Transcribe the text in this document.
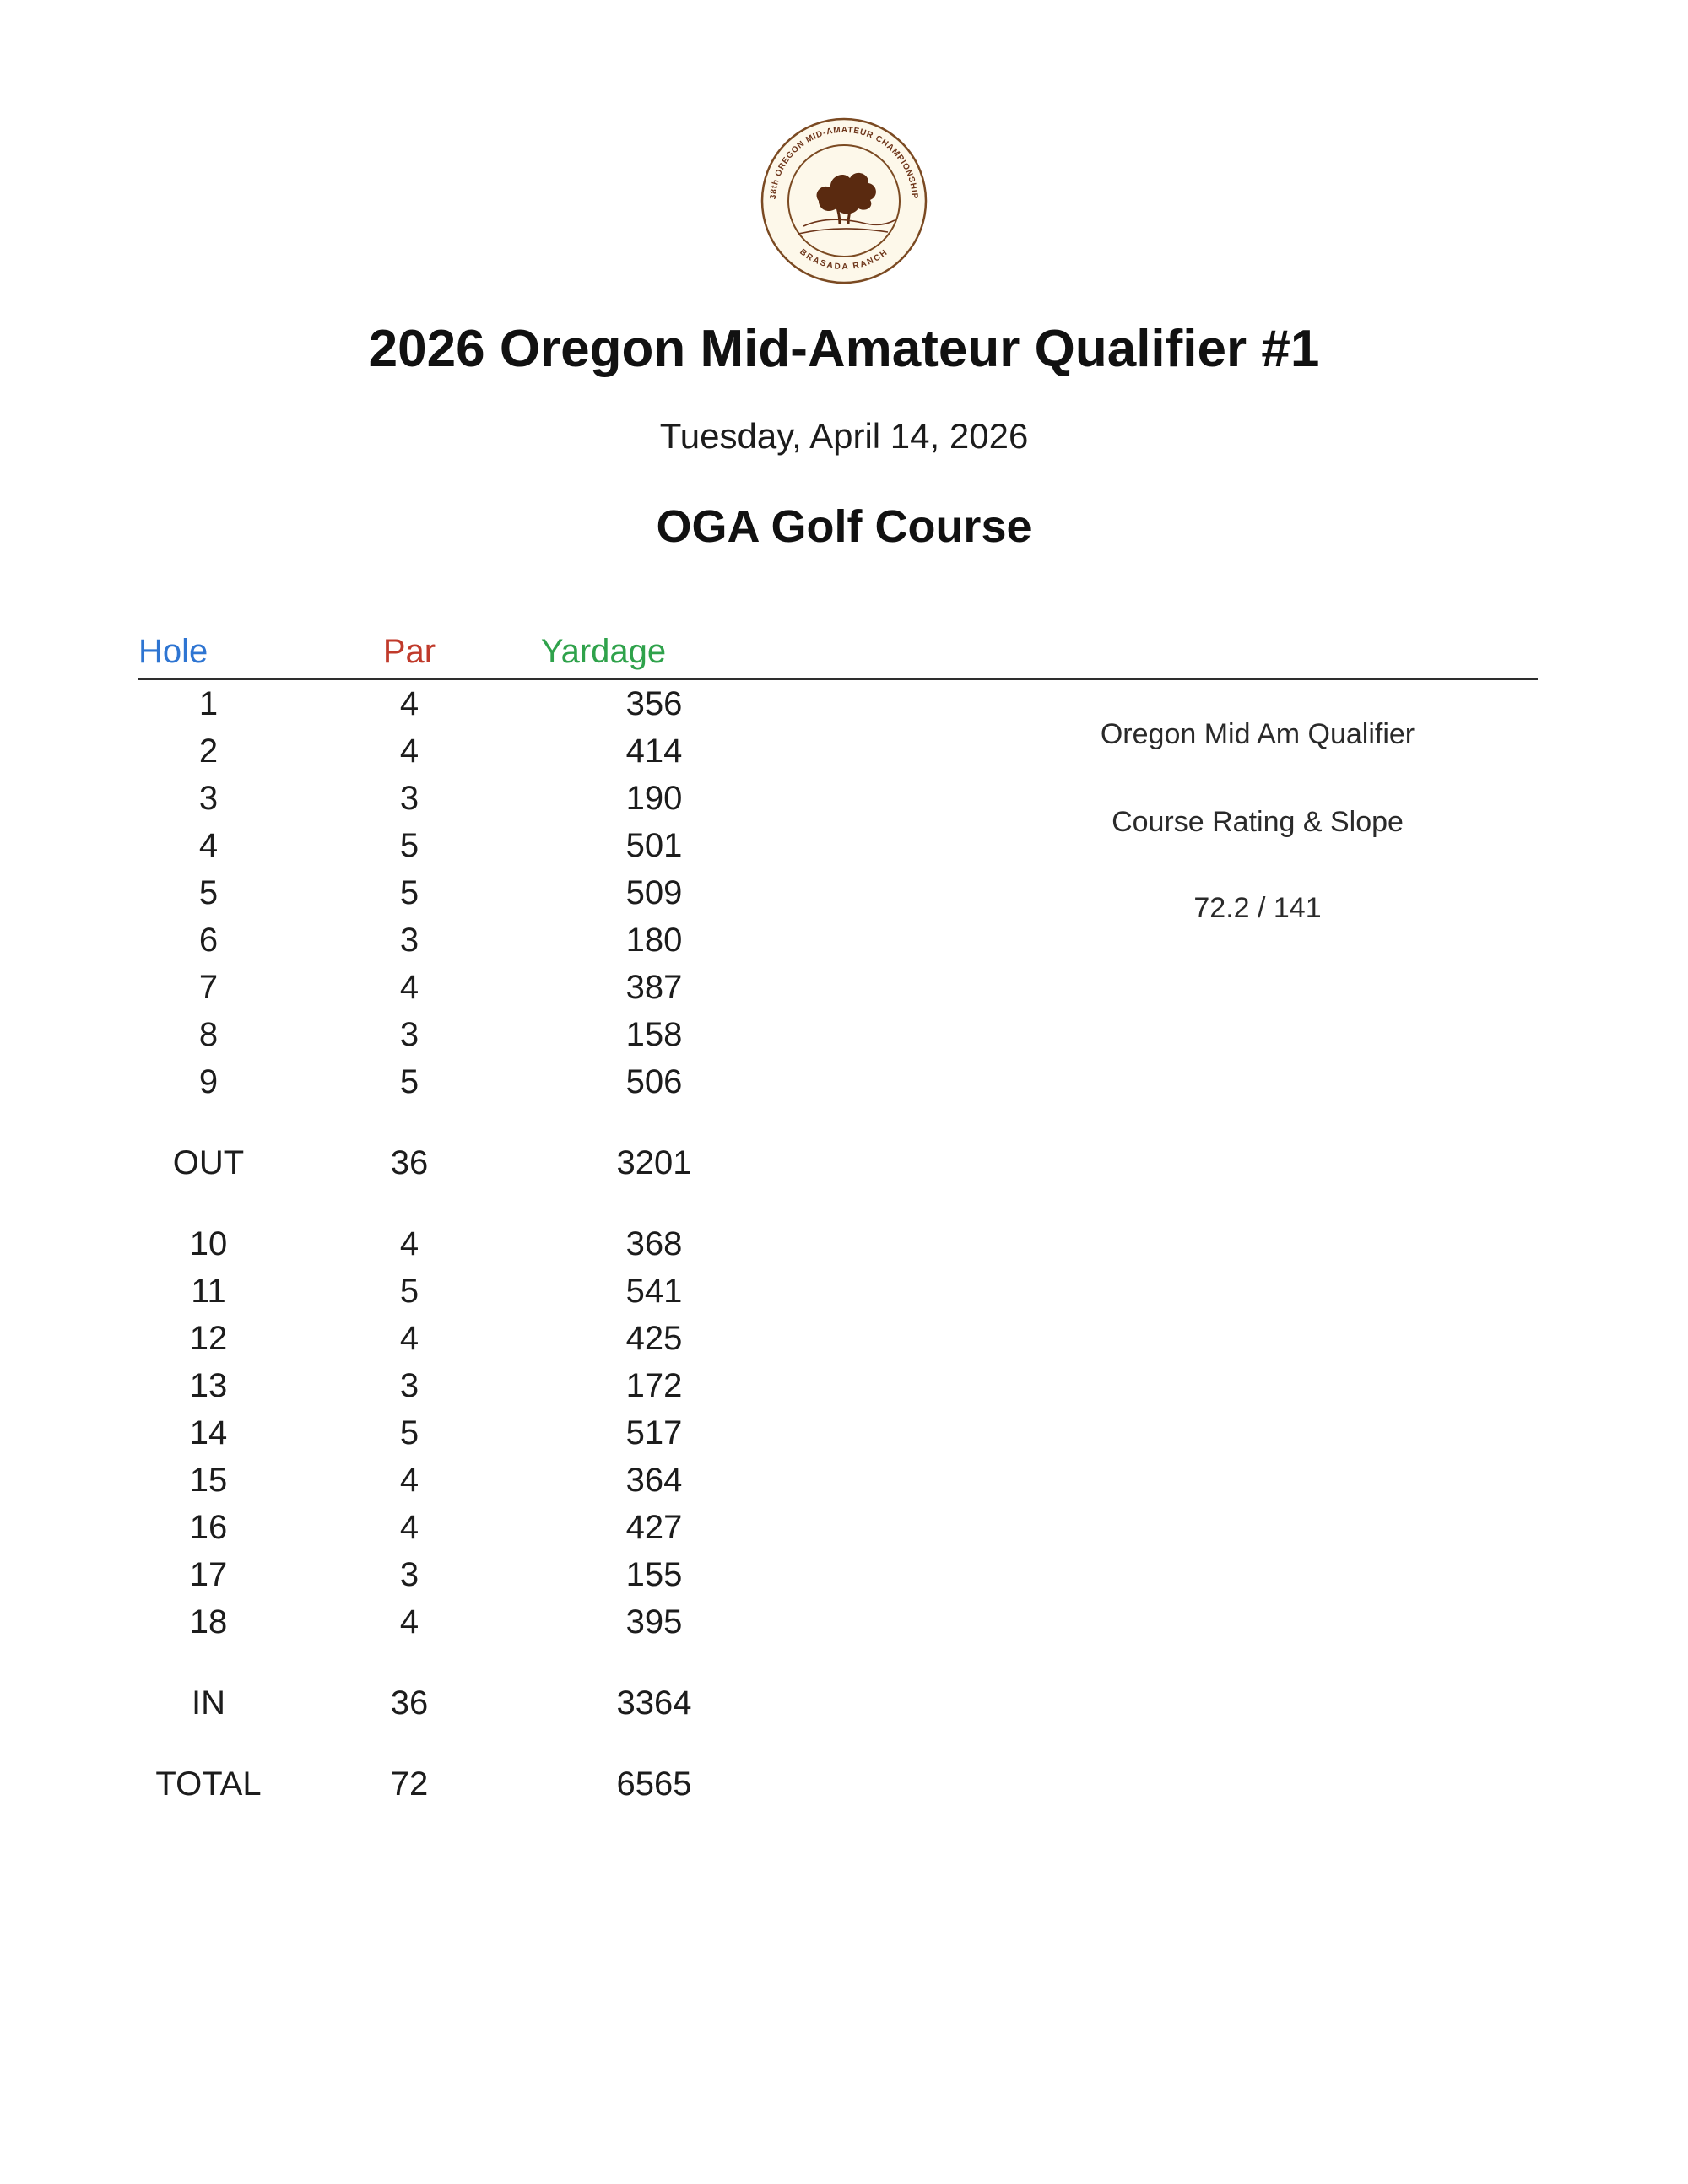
38th OREGON MID-AMATEUR CHAMPIONSHIP
BRASADA RANCH
2026 Oregon Mid-Amateur Qualifier #1
Tuesday, April 14, 2026
OGA Golf Course
Hole	Par	Yardage
1	4	356
2	4	414
3	3	190
4	5	501
5	5	509
6	3	180
7	4	387
8	3	158
9	5	506
OUT	36	3201
10	4	368
11	5	541
12	4	425
13	3	172
14	5	517
15	4	364
16	4	427
17	3	155
18	4	395
IN	36	3364
TOTAL	72	6565
Oregon Mid Am Qualifier
Course Rating & Slope
72.2 / 141
